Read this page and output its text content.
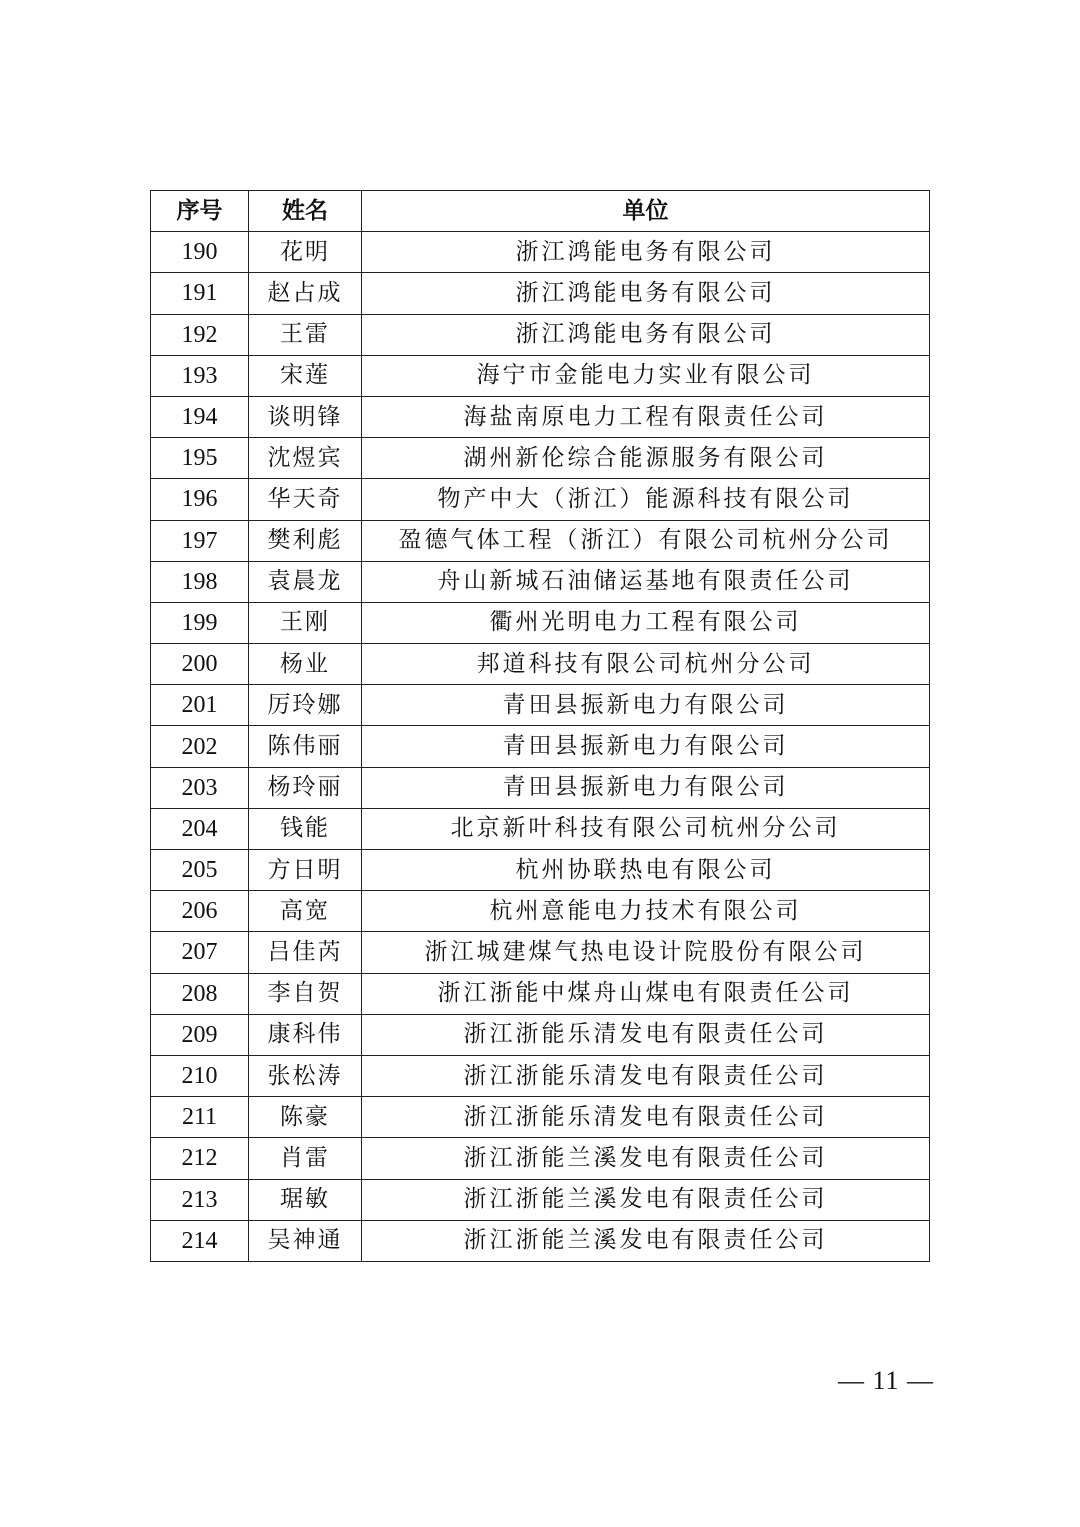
序号	姓名	单位
190	花明	浙江鸿能电务有限公司
191	赵占成	浙江鸿能电务有限公司
192	王雷	浙江鸿能电务有限公司
193	宋莲	海宁市金能电力实业有限公司
194	谈明锋	海盐南原电力工程有限责任公司
195	沈煜宾	湖州新伦综合能源服务有限公司
196	华天奇	物产中大（浙江）能源科技有限公司
197	樊利彪	盈德气体工程（浙江）有限公司杭州分公司
198	袁晨龙	舟山新城石油储运基地有限责任公司
199	王刚	衢州光明电力工程有限公司
200	杨业	邦道科技有限公司杭州分公司
201	厉玲娜	青田县振新电力有限公司
202	陈伟丽	青田县振新电力有限公司
203	杨玲丽	青田县振新电力有限公司
204	钱能	北京新叶科技有限公司杭州分公司
205	方日明	杭州协联热电有限公司
206	高宽	杭州意能电力技术有限公司
207	吕佳芮	浙江城建煤气热电设计院股份有限公司
208	李自贺	浙江浙能中煤舟山煤电有限责任公司
209	康科伟	浙江浙能乐清发电有限责任公司
210	张松涛	浙江浙能乐清发电有限责任公司
211	陈豪	浙江浙能乐清发电有限责任公司
212	肖雷	浙江浙能兰溪发电有限责任公司
213	琚敏	浙江浙能兰溪发电有限责任公司
214	吴神通	浙江浙能兰溪发电有限责任公司
— 11 —
